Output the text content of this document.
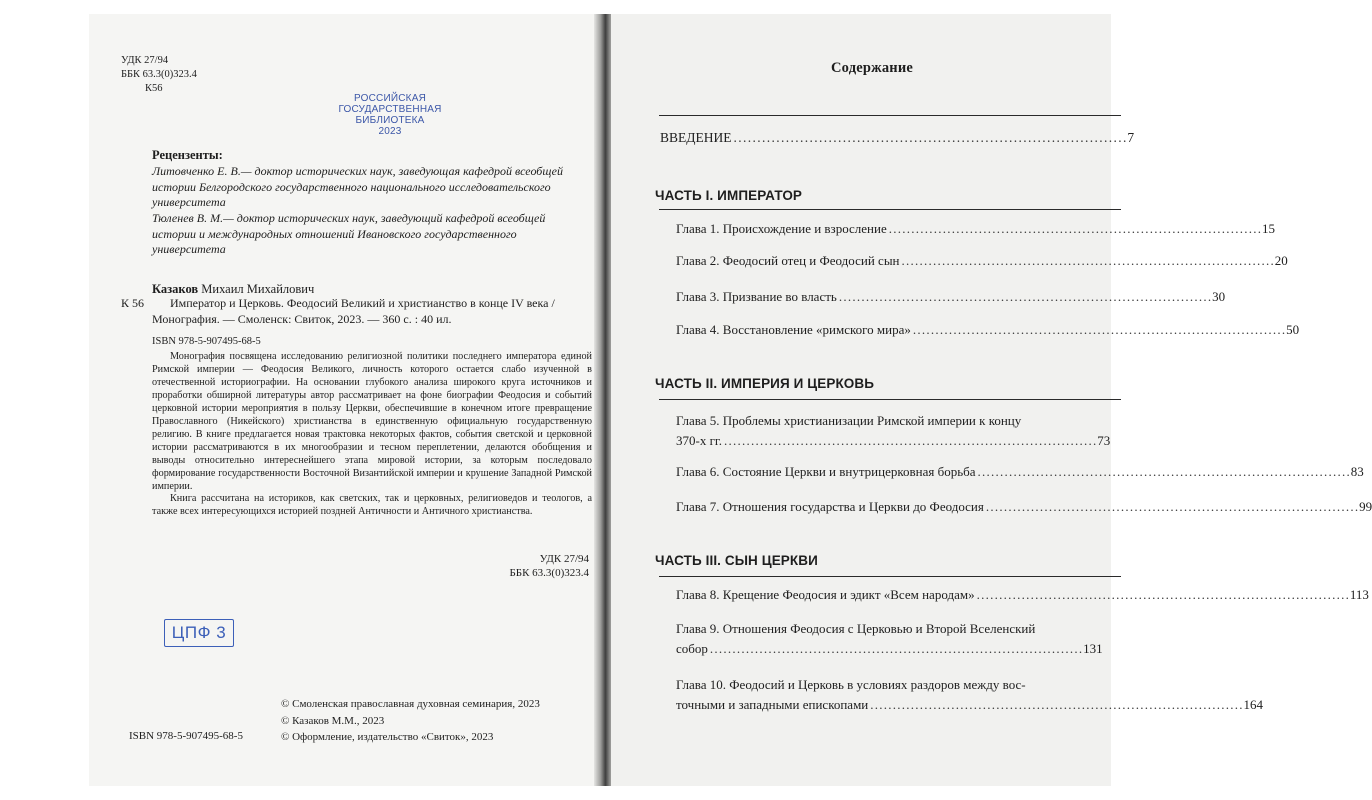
УДК 27/94
ББК 63.3(0)323.4
К56
РОССИЙСКАЯ
ГОСУДАРСТВЕННАЯ
БИБЛИОТЕКА
2023
Рецензенты:
Литовченко Е. В.— доктор исторических наук, заведующая кафедрой всеобщей истории Белгородского государственного национального исследовательского университета
Тюленев В. М.— доктор исторических наук, заведующий кафедрой всеобщей истории и международных отношений Ивановского государственного университета
Казаков Михаил Михайлович
К 56	Император и Церковь. Феодосий Великий и христианство в конце IV века / Монография. — Смоленск: Свиток, 2023. — 360 с. : 40 ил.
ISBN 978-5-907495-68-5

Монография посвящена исследованию религиозной политики последнего императора единой Римской империи — Феодосия Великого, личность которого остается слабо изученной в отечественной историографии. На основании глубокого анализа широкого круга источников и проработки обширной литературы автор рассматривает на фоне биографии Феодосия и событий церковной истории мероприятия в пользу Церкви, обеспечившие в конечном итоге превращение Православного (Никейского) христианства в единственную официальную государственную религию. В книге предлагается новая трактовка некоторых фактов, события светской и церковной истории рассматриваются в их многообразии и тесном переплетении, делаются обобщения и выводы относительно интереснейшего этапа мировой истории, за которым последовало формирование государственности Восточной Византийской империи и крушение Западной Римской империи.

Книга рассчитана на историков, как светских, так и церковных, религиоведов и теологов, а также всех интересующихся историей поздней Античности и Античного христианства.

УДК 27/94
ББК 63.3(0)323.4
ЦПФ 3
ISBN 978-5-907495-68-5
© Смоленская православная духовная семинария, 2023
© Казаков М.М., 2023
© Оформление, издательство «Свиток», 2023
Содержание
ВВЕДЕНИЕ . . .	7
ЧАСТЬ I. ИМПЕРАТОР
Глава 1. Происхождение и взросление . . .	15
Глава 2. Феодосий отец и Феодосий сын . . .	20
Глава 3. Призвание во власть . . .	30
Глава 4. Восстановление «римского мира» . . .	50
ЧАСТЬ II. ИМПЕРИЯ И ЦЕРКОВЬ
Глава 5. Проблемы христианизации Римской империи к концу
370-х гг. . . .	73
Глава 6. Состояние Церкви и внутрицерковная борьба . . .	83
Глава 7. Отношения государства и Церкви до Феодосия . . .	99
ЧАСТЬ III. СЫН ЦЕРКВИ
Глава 8. Крещение Феодосия и эдикт «Всем народам» . . .	113
Глава 9. Отношения Феодосия с Церковью и Второй Вселенский
собор . . .	131
Глава 10. Феодосий и Церковь в условиях раздоров между вос-
точными и западными епископами . . .	164
